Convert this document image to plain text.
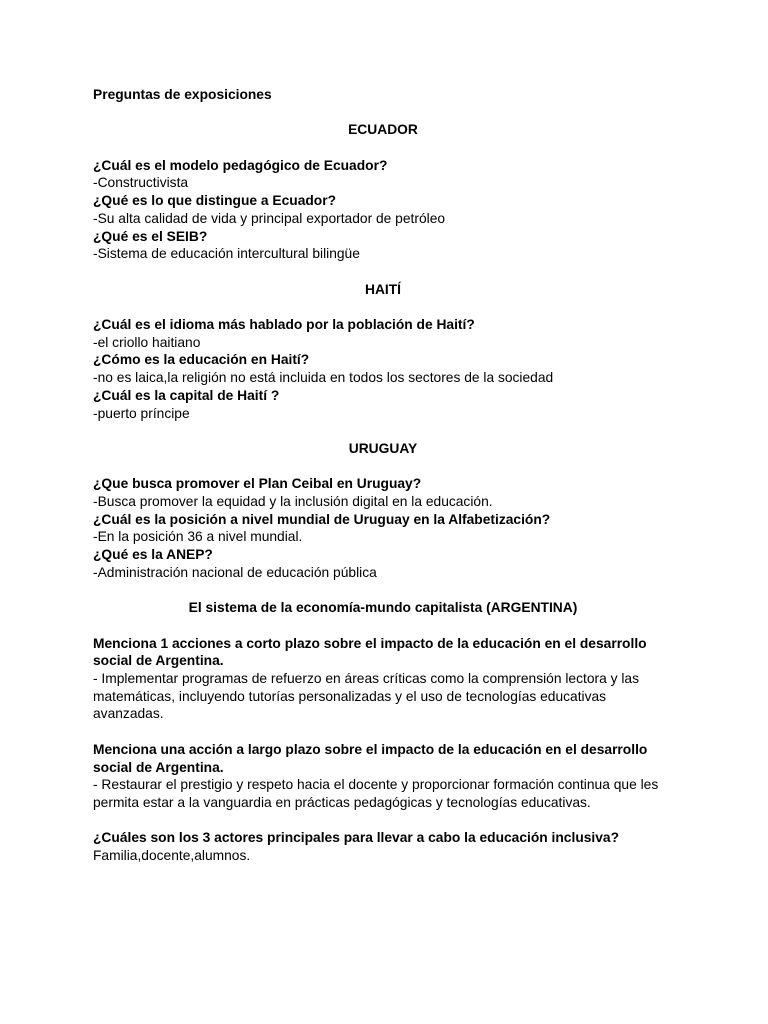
Preguntas de exposiciones

ECUADOR

¿Cuál es el modelo pedagógico de Ecuador?

-Constructivista

¿Qué es lo que distingue a Ecuador?

-Su alta calidad de vida y principal exportador de petróleo

¿Qué es el SEIB?

-Sistema de educación intercultural bilingüe

HAITÍ

¿Cuál es el idioma más hablado por la población de Haití?

-el criollo haitiano

¿Cómo es la educación en Haití?

-no es laica,la religión no está incluida en todos los sectores de la sociedad

¿Cuál es la capital de Haití ?

-puerto príncipe

URUGUAY

¿Que busca promover el Plan Ceibal en Uruguay?

-Busca promover la equidad y la inclusión digital en la educación.

¿Cuál es la posición a nivel mundial de Uruguay en la Alfabetización?

-En la posición 36 a nivel mundial.

¿Qué es la ANEP?

-Administración nacional de educación pública

El sistema de la economía-mundo capitalista (ARGENTINA)

Menciona 1 acciones a corto plazo sobre el impacto de la educación en el desarrollo

social de Argentina.

- Implementar programas de refuerzo en áreas críticas como la comprensión lectora y las

matemáticas, incluyendo tutorías personalizadas y el uso de tecnologías educativas

avanzadas.

Menciona una acción a largo plazo sobre el impacto de la educación en el desarrollo

social de Argentina.

- Restaurar el prestigio y respeto hacia el docente y proporcionar formación continua que les

permita estar a la vanguardia en prácticas pedagógicas y tecnologías educativas.

¿Cuáles son los 3 actores principales para llevar a cabo la educación inclusiva?

Familia,docente,alumnos.
